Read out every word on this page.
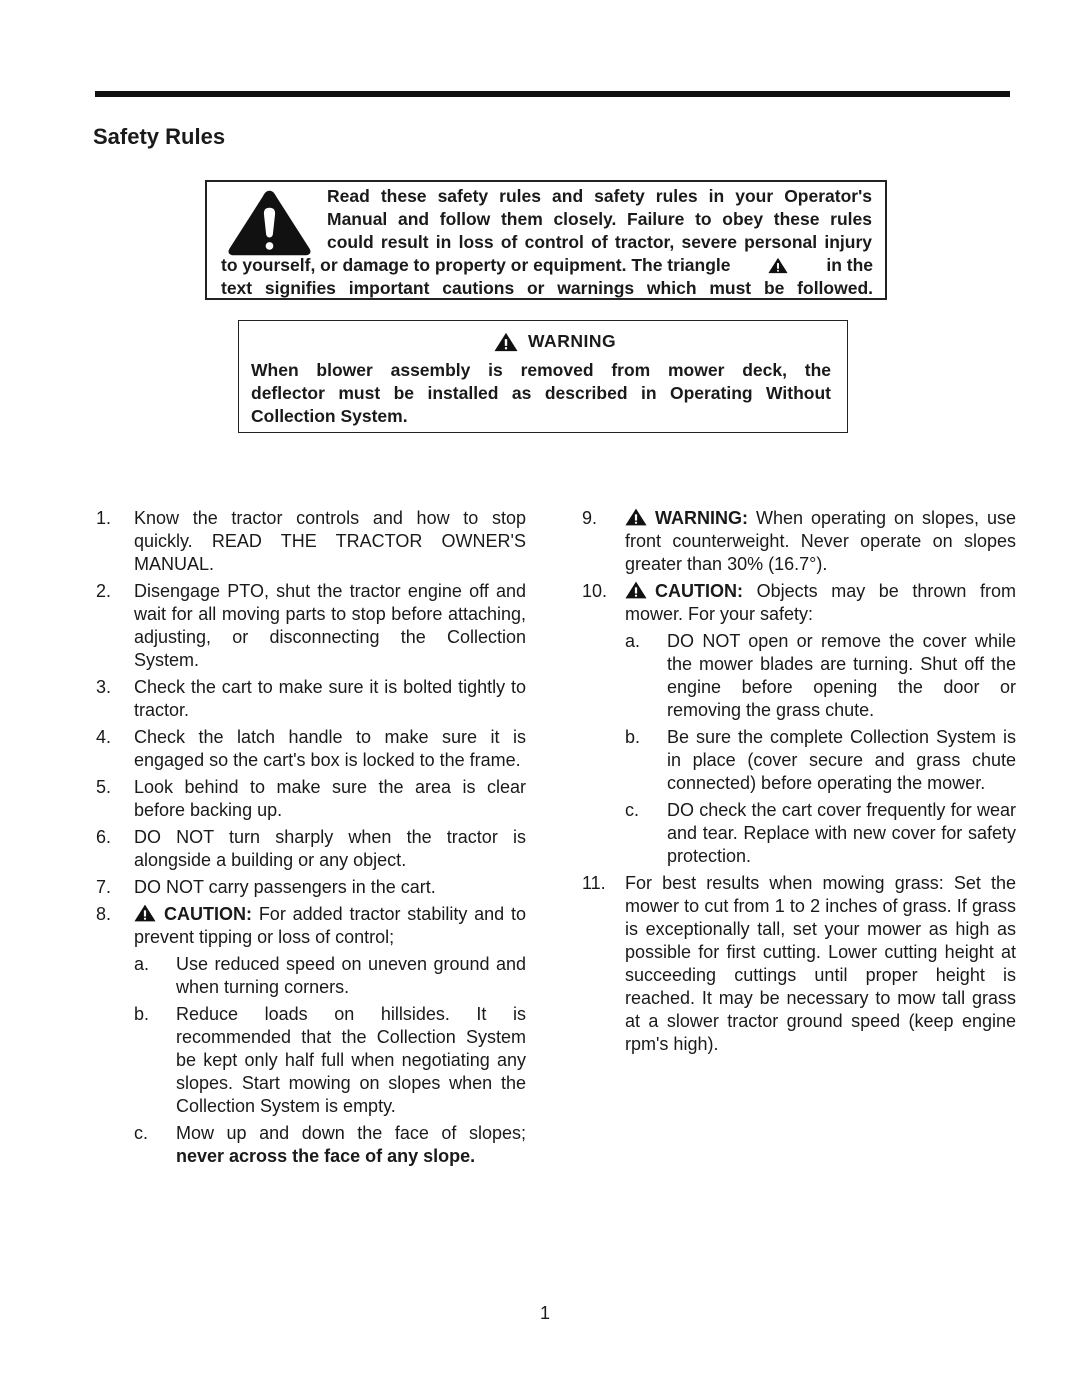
Safety Rules
Read these safety rules and safety rules in your Operator's
Manual and follow them closely. Failure to obey these rules
could result in loss of control of tractor, severe personal injury
to yourself, or damage to property or equipment. The triangle	in the
text signifies important cautions or warnings which must be followed.
WARNING
When blower assembly is removed from mower deck, the
deflector must be installed as described in Operating Without
Collection System.
1. Know the tractor controls and how to stop quickly. READ THE TRACTOR OWNER'S MANUAL.
2. Disengage PTO, shut the tractor engine off and wait for all moving parts to stop before attaching, adjusting, or disconnecting the Collection System.
3. Check the cart to make sure it is bolted tightly to tractor.
4. Check the latch handle to make sure it is engaged so the cart's box is locked to the frame.
5. Look behind to make sure the area is clear before backing up.
6. DO NOT turn sharply when the tractor is alongside a building or any object.
7. DO NOT carry passengers in the cart.
8.	CAUTION: For added tractor stability and to prevent tipping or loss of control;
a. Use reduced speed on uneven ground and when turning corners.
b. Reduce loads on hillsides. It is recommended that the Collection System be kept only half full when negotiating any slopes. Start mowing on slopes when the Collection System is empty.
c. Mow up and down the face of slopes; never across the face of any slope.
9.	WARNING: When operating on slopes, use front counterweight. Never operate on slopes greater than 30% (16.7°).
10.	CAUTION: Objects may be thrown from mower. For your safety:
a. DO NOT open or remove the cover while the mower blades are turning. Shut off the engine before opening the door or removing the grass chute.
b. Be sure the complete Collection System is in place (cover secure and grass chute connected) before operating the mower.
c. DO check the cart cover frequently for wear and tear. Replace with new cover for safety protection.
11. For best results when mowing grass: Set the mower to cut from 1 to 2 inches of grass. If grass is exceptionally tall, set your mower as high as possible for first cutting. Lower cutting height at succeeding cuttings until proper height is reached. It may be necessary to mow tall grass at a slower tractor ground speed (keep engine rpm's high).
1
